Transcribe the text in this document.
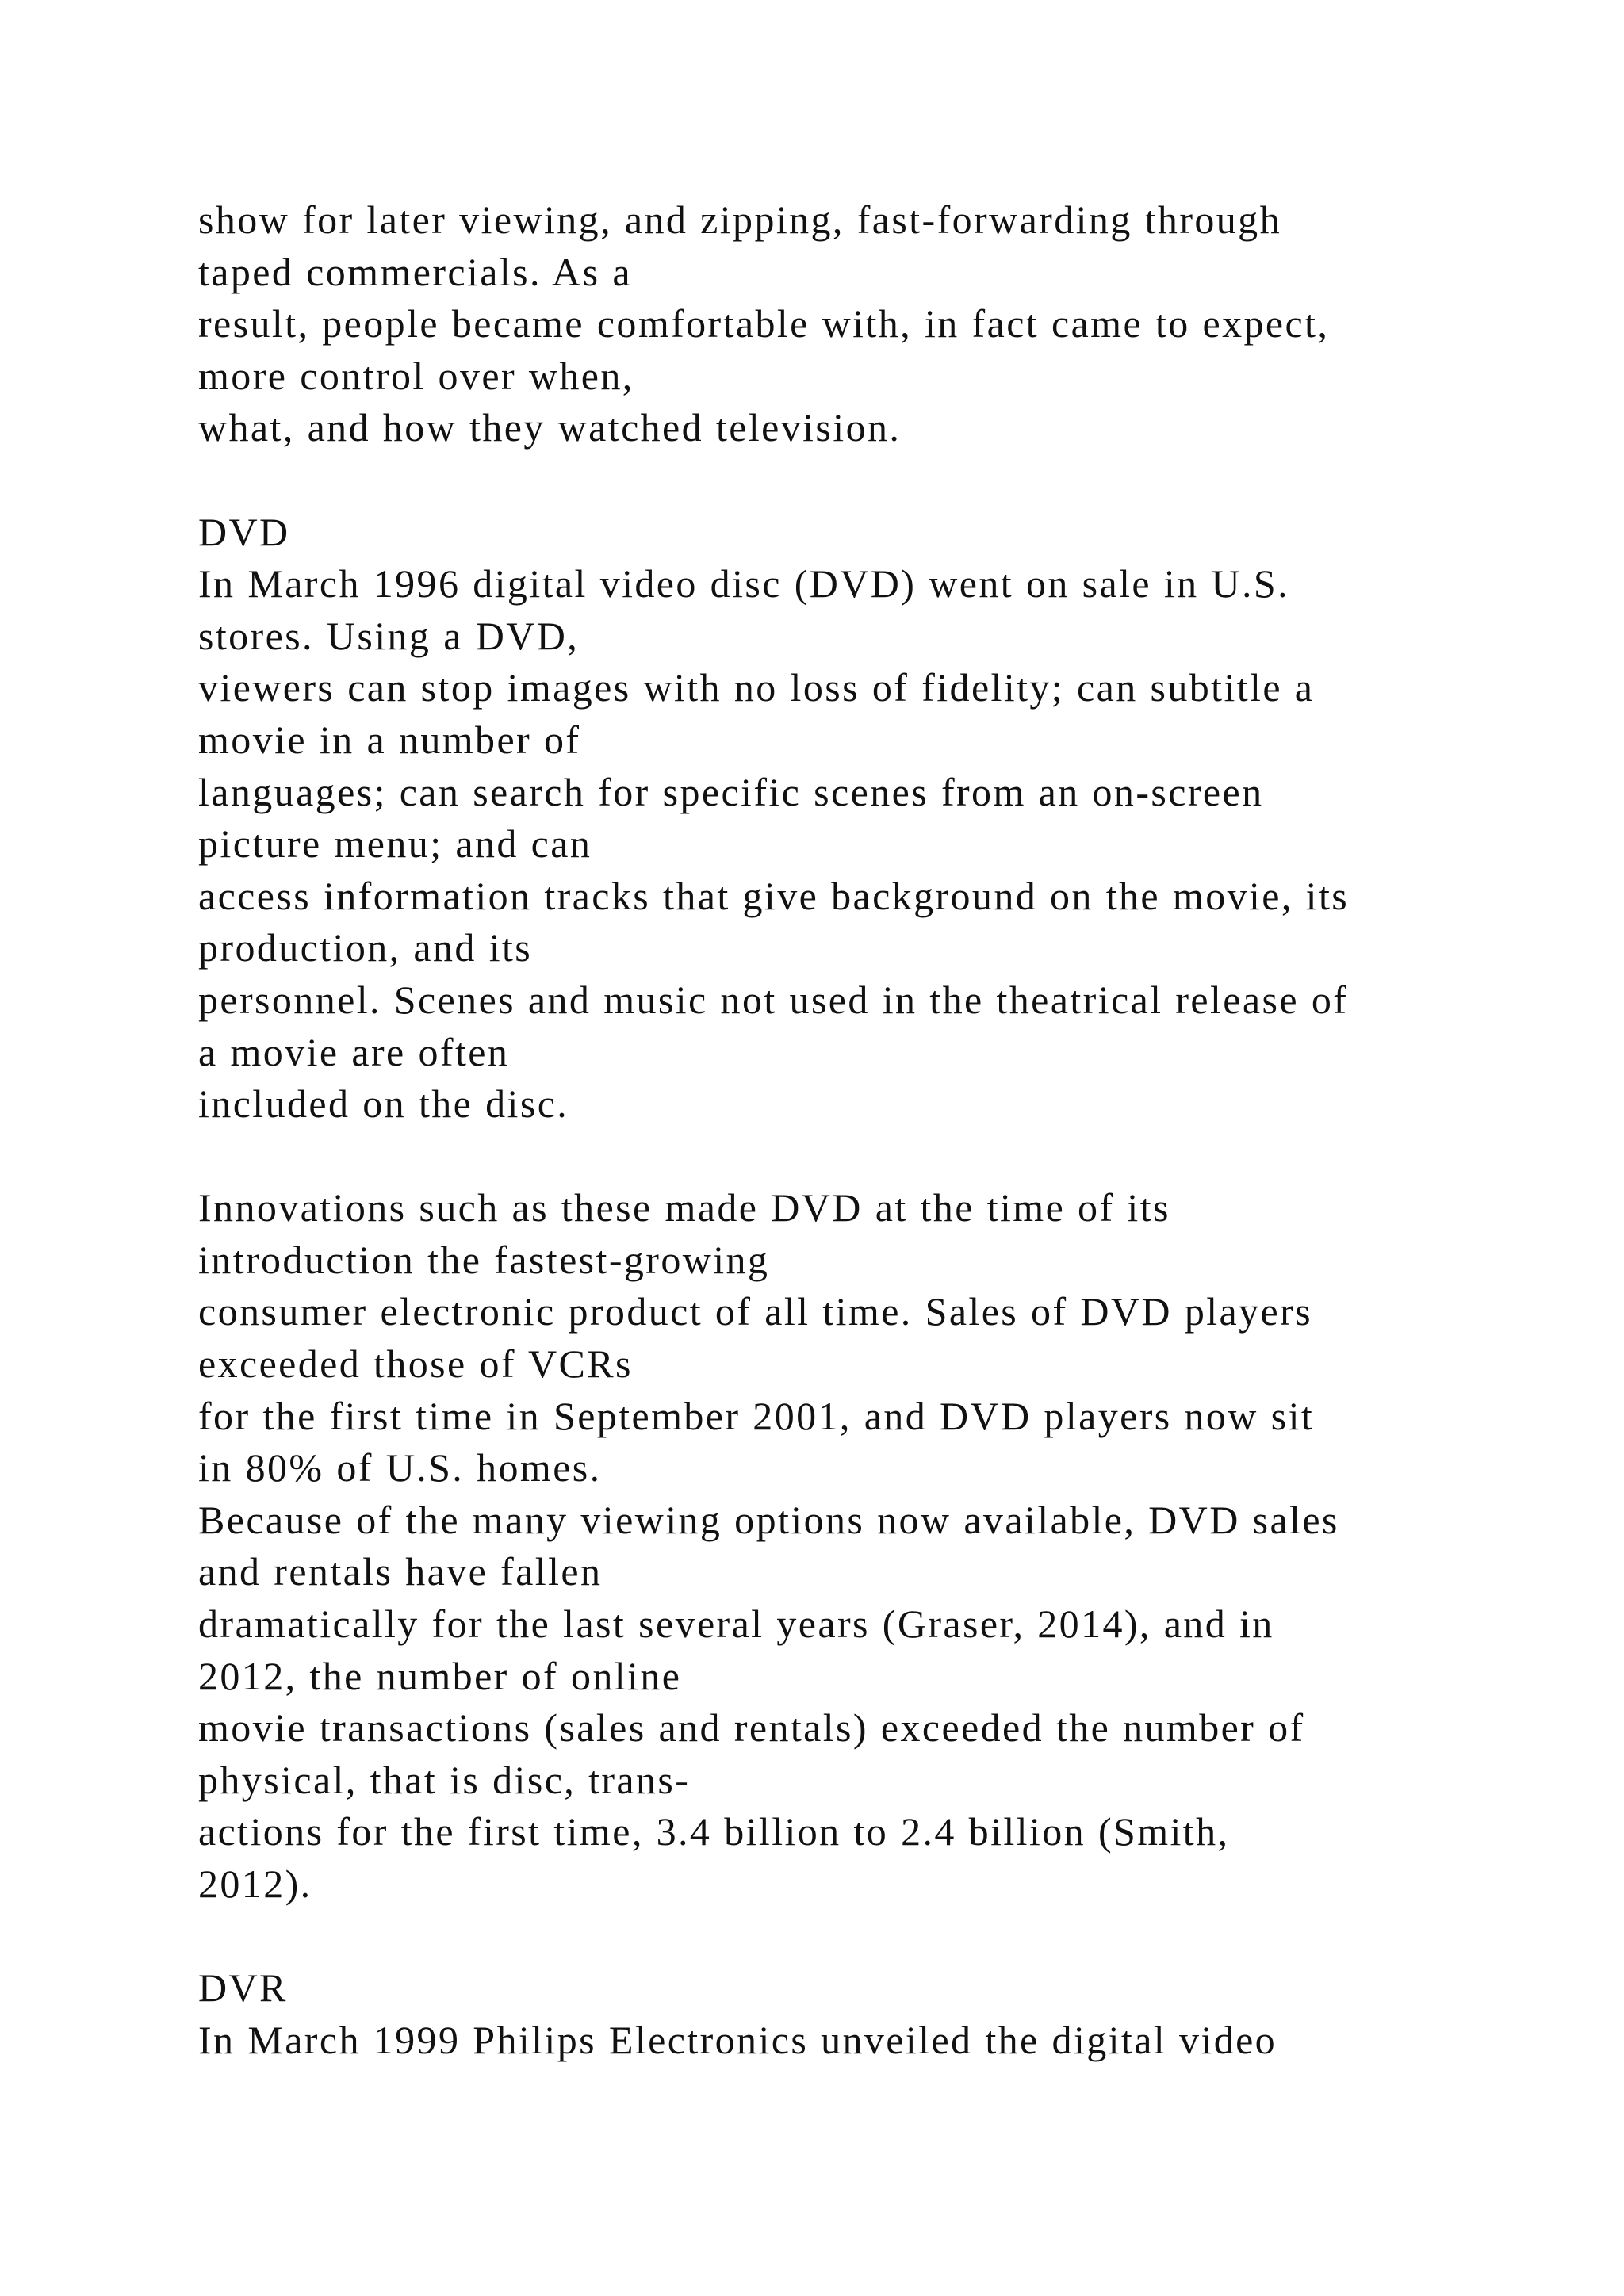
show for later viewing, and zipping, fast-forwarding through
taped commercials. As a
result, people became comfortable with, in fact came to expect,
more control over when,
what, and how they watched television.
DVD
In March 1996 digital video disc (DVD) went on sale in U.S.
stores. Using a DVD,
viewers can stop images with no loss of fidelity; can subtitle a
movie in a number of
languages; can search for specific scenes from an on-screen
picture menu; and can
access information tracks that give background on the movie, its
production, and its
personnel. Scenes and music not used in the theatrical release of
a movie are often
included on the disc.
Innovations such as these made DVD at the time of its
introduction the fastest-growing
consumer electronic product of all time. Sales of DVD players
exceeded those of VCRs
for the first time in September 2001, and DVD players now sit
in 80% of U.S. homes.
Because of the many viewing options now available, DVD sales
and rentals have fallen
dramatically for the last several years (Graser, 2014), and in
2012, the number of online
movie transactions (sales and rentals) exceeded the number of
physical, that is disc, trans-
actions for the first time, 3.4 billion to 2.4 billion (Smith,
2012).
DVR
In March 1999 Philips Electronics unveiled the digital video
